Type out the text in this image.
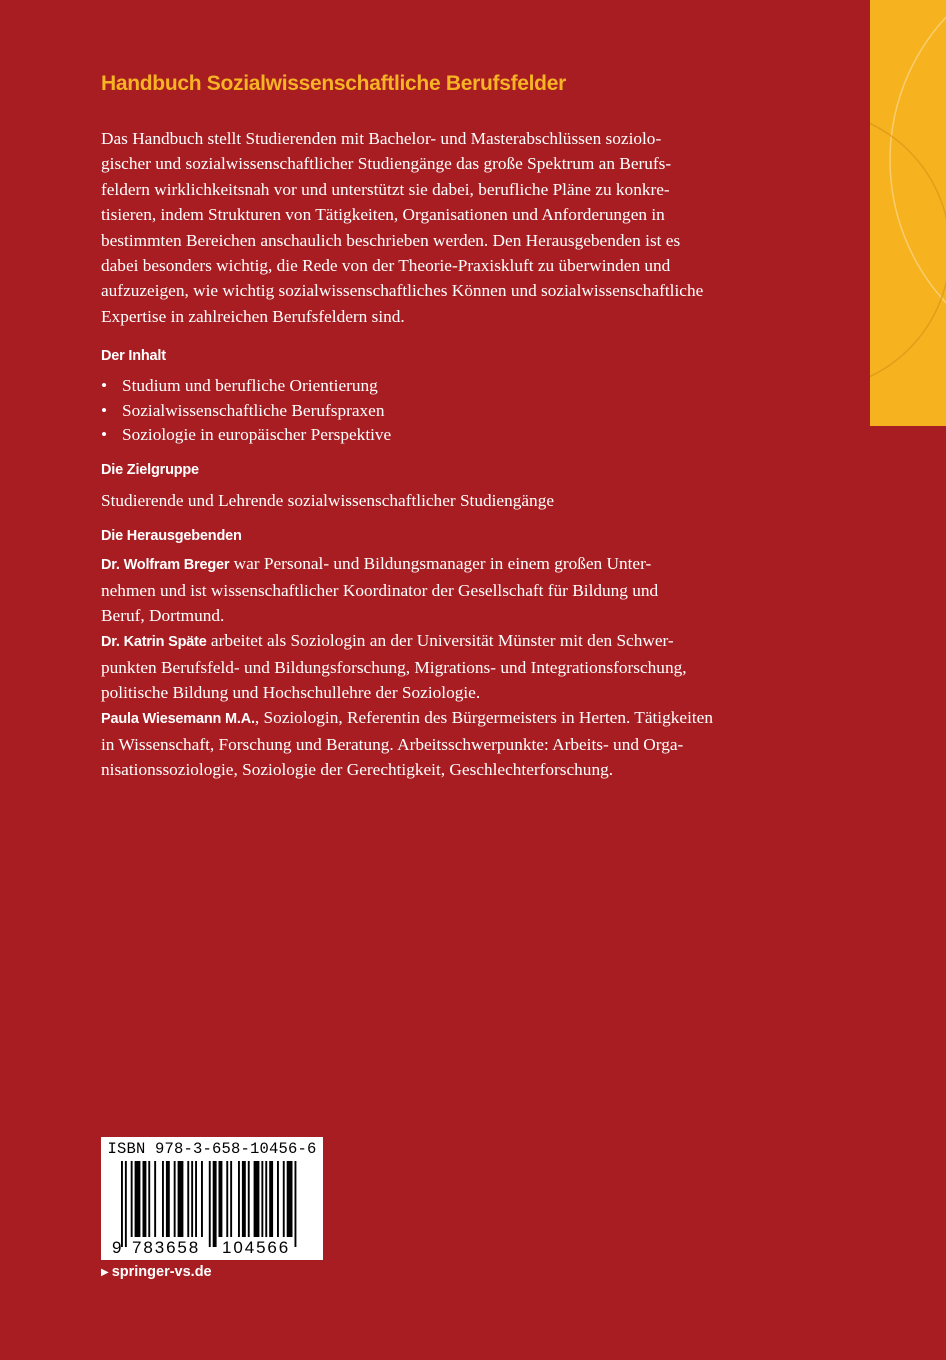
Handbuch Sozialwissenschaftliche Berufsfelder
Das Handbuch stellt Studierenden mit Bachelor- und Masterabschlüssen soziolo-
gischer und sozialwissenschaftlicher Studiengänge das große Spektrum an Berufs-
feldern wirklichkeitsnah vor und unterstützt sie dabei, berufliche Pläne zu konkre-
tisieren, indem Strukturen von Tätigkeiten, Organisationen und Anforderungen in
bestimmten Bereichen anschaulich beschrieben werden. Den Herausgebenden ist es
dabei besonders wichtig, die Rede von der Theorie-Praxiskluft zu überwinden und
aufzuzeigen, wie wichtig sozialwissenschaftliches Können und sozialwissenschaftliche
Expertise in zahlreichen Berufsfeldern sind.
Der Inhalt
• Studium und berufliche Orientierung
• Sozialwissenschaftliche Berufspraxen
• Soziologie in europäischer Perspektive
Die Zielgruppe
Studierende und Lehrende sozialwissenschaftlicher Studiengänge
Die Herausgebenden
Dr. Wolfram Breger war Personal- und Bildungsmanager in einem großen Unter-
nehmen und ist wissenschaftlicher Koordinator der Gesellschaft für Bildung und
Beruf, Dortmund.
Dr. Katrin Späte arbeitet als Soziologin an der Universität Münster mit den Schwer-
punkten Berufsfeld- und Bildungsforschung, Migrations- und Integrationsforschung,
politische Bildung und Hochschullehre der Soziologie.
Paula Wiesemann M.A., Soziologin, Referentin des Bürgermeisters in Herten. Tätigkeiten
in Wissenschaft, Forschung und Beratung. Arbeitsschwerpunkte: Arbeits- und Orga-
nisationssoziologie, Soziologie der Gerechtigkeit, Geschlechterforschung.
ISBN 978-3-658-10456-6
9 783658 104566
▶ springer-vs.de
